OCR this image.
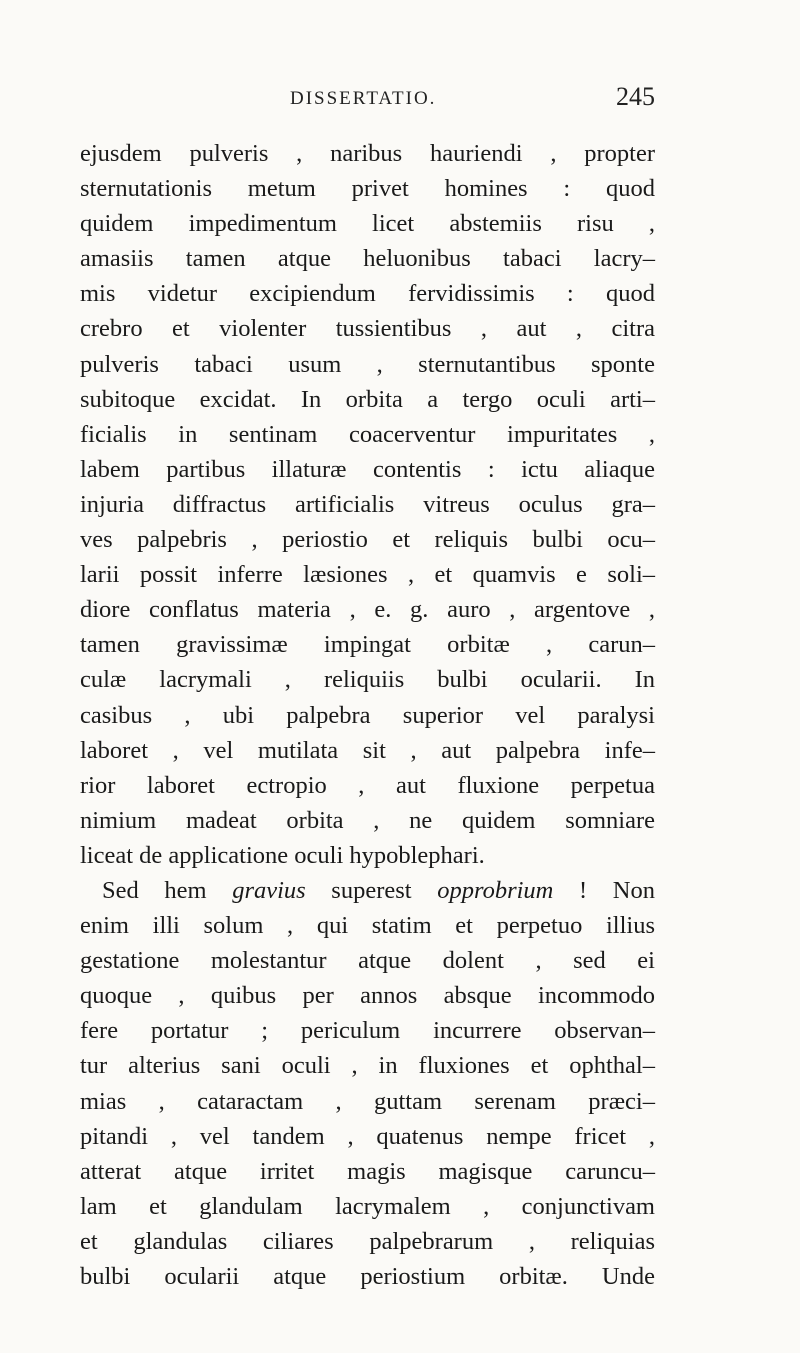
DISSERTATIO.	245
ejusdem pulveris , naribus hauriendi , propter
sternutationis metum privet homines : quod
quidem impedimentum licet abstemiis risu ,
amasiis tamen atque heluonibus tabaci lacry–
mis videtur excipiendum fervidissimis : quod
crebro et violenter tussientibus , aut , citra
pulveris tabaci usum , sternutantibus sponte
subitoque excidat. In orbita a tergo oculi arti–
ficialis in sentinam coacerventur impuritates ,
labem partibus illaturæ contentis : ictu aliaque
injuria diffractus artificialis vitreus oculus gra–
ves palpebris , periostio et reliquis bulbi ocu–
larii possit inferre læsiones , et quamvis e soli–
diore conflatus materia , e. g. auro , argentove ,
tamen gravissimæ impingat orbitæ , carun–
culæ lacrymali , reliquiis bulbi ocularii. In
casibus , ubi palpebra superior vel paralysi
laboret , vel mutilata sit , aut palpebra infe–
rior laboret ectropio , aut fluxione perpetua
nimium madeat orbita , ne quidem somniare
liceat de applicatione oculi hypoblephari.
Sed hem gravius superest opprobrium ! Non
enim illi solum , qui statim et perpetuo illius
gestatione molestantur atque dolent , sed ei
quoque , quibus per annos absque incommodo
fere portatur ; periculum incurrere observan–
tur alterius sani oculi , in fluxiones et ophthal–
mias , cataractam , guttam serenam præci–
pitandi , vel tandem , quatenus nempe fricet ,
atterat atque irritet magis magisque caruncu–
lam et glandulam lacrymalem , conjunctivam
et glandulas ciliares palpebrarum , reliquias
bulbi ocularii atque periostium orbitæ. Unde
